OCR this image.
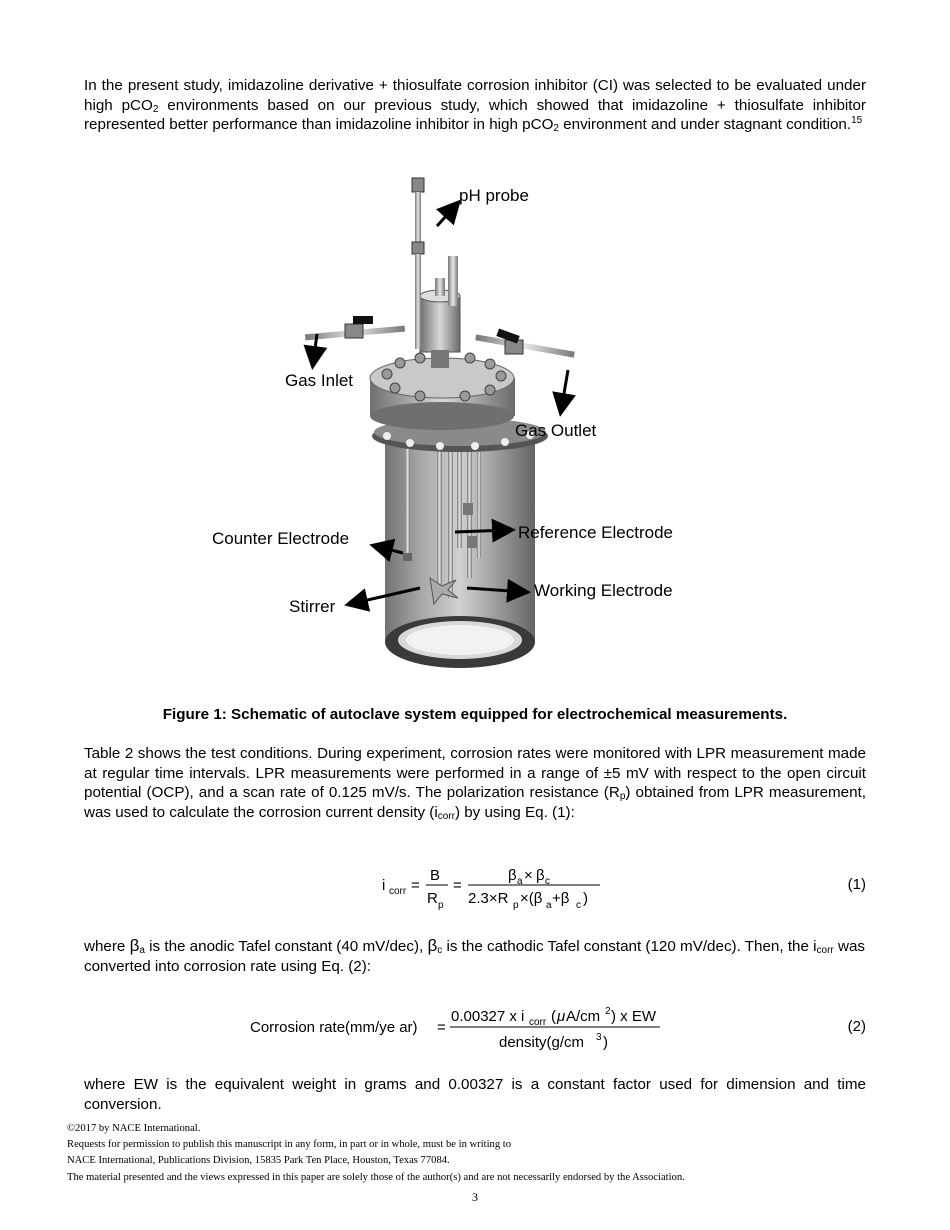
In the present study, imidazoline derivative + thiosulfate corrosion inhibitor (CI) was selected to be evaluated under high pCO$_2$ environments based on our previous study, which showed that imidazoline + thiosulfate inhibitor represented better performance than imidazoline inhibitor in high pCO$_2$ environment and under stagnant condition.$^{15}$

pH probe
Gas Inlet
Gas Outlet
Counter Electrode	Reference Electrode
Stirrer
Working Electrode
Figure 1: Schematic of autoclave system equipped for electrochemical measurements.

Table 2 shows the test conditions. During experiment, corrosion rates were monitored with LPR measurement made at regular time intervals. LPR measurements were performed in a range of ±5 mV with respect to the open circuit potential (OCP), and a scan rate of 0.125 mV/s. The polarization resistance $(R_p)$ obtained from LPR measurement, was used to calculate the corrosion current density $(i_{corr})$ by using Eq. (1):

i corr =
B
R p
=
β a × β c
2.3×R p ×(β a +β c )
(1)

where $\beta_a$ is the anodic Tafel constant (40 mV/dec), $\beta_c$ is the cathodic Tafel constant (120 mV/dec). Then, the $i_{corr}$ was converted into corrosion rate using Eq. (2):

Corrosion rate(mm/ye ar) =
0.00327 x i corr ( μ A/cm 2 ) x EW
density(g/cm 3 )
(2)

where EW is the equivalent weight in grams and 0.00327 is a constant factor used for dimension and time conversion.

©2017 by NACE International.
Requests for permission to publish this manuscript in any form, in part or in whole, must be in writing to
NACE International, Publications Division, 15835 Park Ten Place, Houston, Texas 77084.
The material presented and the views expressed in this paper are solely those of the author(s) and are not necessarily endorsed by the Association.
3
